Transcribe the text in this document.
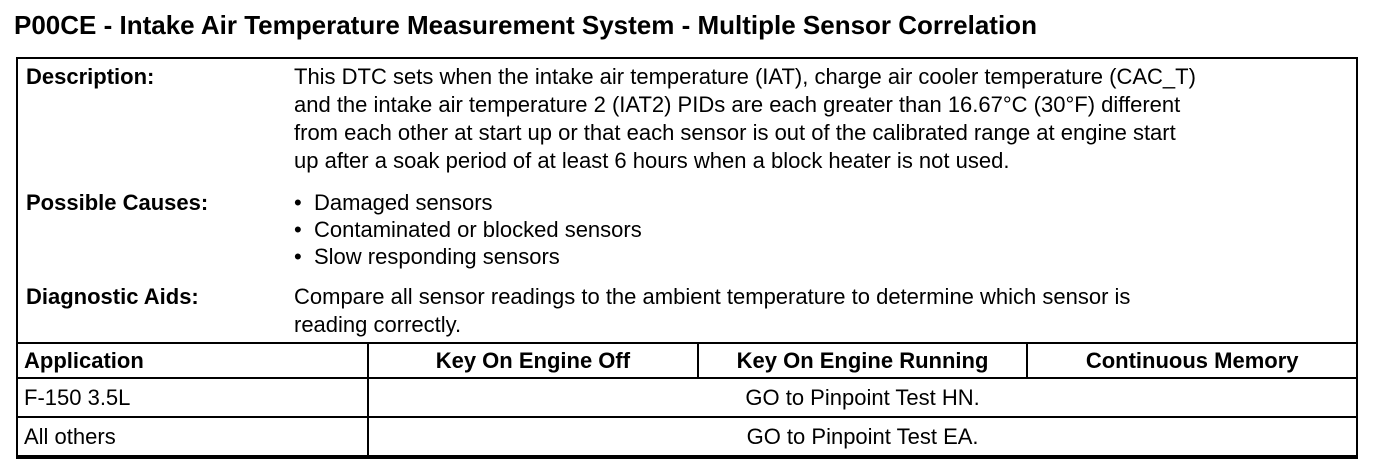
P00CE - Intake Air Temperature Measurement System - Multiple Sensor Correlation
Description:	This DTC sets when the intake air temperature (IAT), charge air cooler temperature (CAC_T)

and the intake air temperature 2 (IAT2) PIDs are each greater than 16.67°C (30°F) different

from each other at start up or that each sensor is out of the calibrated range at engine start

up after a soak period of at least 6 hours when a block heater is not used.

Possible Causes:	• Damaged sensors
• Contaminated or blocked sensors
• Slow responding sensors
Diagnostic Aids:	Compare all sensor readings to the ambient temperature to determine which sensor is

reading correctly.

Application	Key On Engine Off	Key On Engine Running	Continuous Memory
F-150 3.5L	GO to Pinpoint Test HN.		
All others	GO to Pinpoint Test EA.		
